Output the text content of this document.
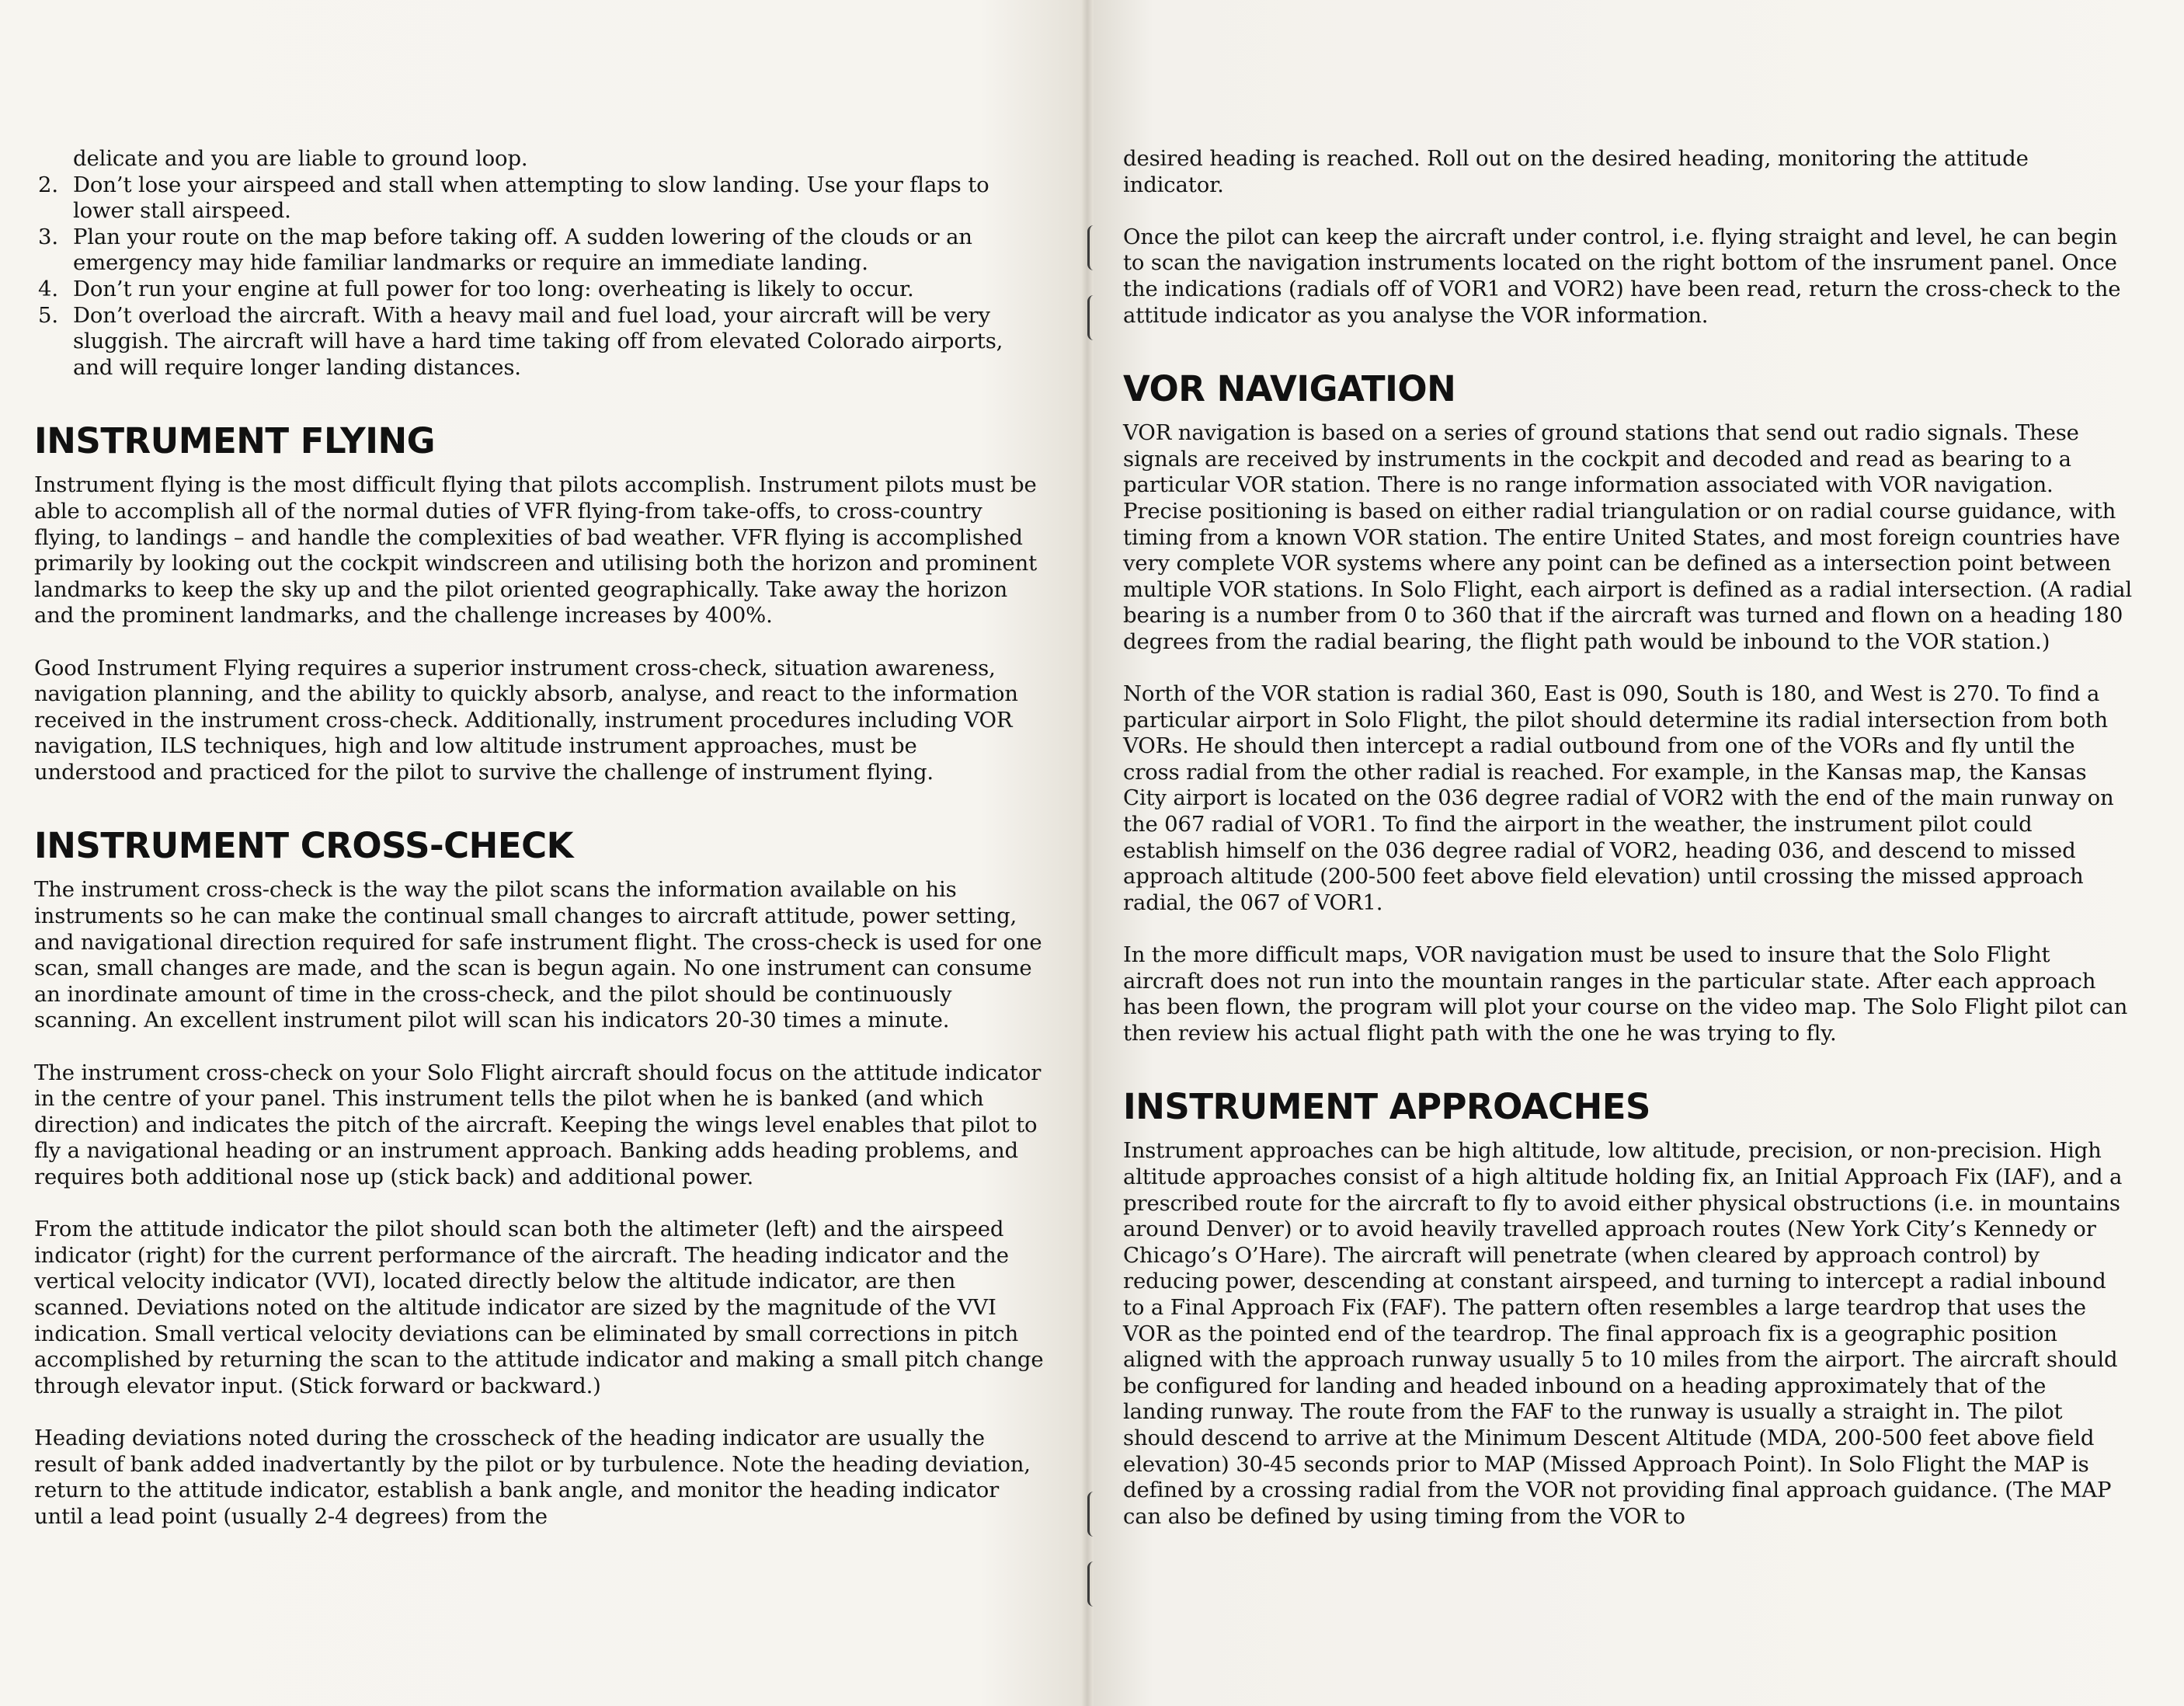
delicate and you are liable to ground loop.
2. Don’t lose your airspeed and stall when attempting to slow landing. Use your flaps to lower stall airspeed.
3. Plan your route on the map before taking off. A sudden lowering of the clouds or an emergency may hide familiar landmarks or require an immediate landing.
4. Don’t run your engine at full power for too long: overheating is likely to occur.
5. Don’t overload the aircraft. With a heavy mail and fuel load, your aircraft will be very sluggish. The aircraft will have a hard time taking off from elevated Colorado airports, and will require longer landing distances.
INSTRUMENT FLYING

Instrument flying is the most difficult flying that pilots accomplish. Instrument pilots must be able to accomplish all of the normal duties of VFR flying-from take-offs, to cross-country flying, to landings – and handle the complexities of bad weather. VFR flying is accomplished primarily by looking out the cockpit windscreen and utilising both the horizon and prominent landmarks to keep the sky up and the pilot oriented geographically. Take away the horizon and the prominent landmarks, and the challenge increases by 400%.

Good Instrument Flying requires a superior instrument cross-check, situation awareness, navigation planning, and the ability to quickly absorb, analyse, and react to the information received in the instrument cross-check. Additionally, instrument procedures including VOR navigation, ILS techniques, high and low altitude instrument approaches, must be understood and practiced for the pilot to survive the challenge of instrument flying.

INSTRUMENT CROSS-CHECK

The instrument cross-check is the way the pilot scans the information available on his instruments so he can make the continual small changes to aircraft attitude, power setting, and navigational direction required for safe instrument flight. The cross-check is used for one scan, small changes are made, and the scan is begun again. No one instrument can consume an inordinate amount of time in the cross-check, and the pilot should be continuously scanning. An excellent instrument pilot will scan his indicators 20-30 times a minute.

The instrument cross-check on your Solo Flight aircraft should focus on the attitude indicator in the centre of your panel. This instrument tells the pilot when he is banked (and which direction) and indicates the pitch of the aircraft. Keeping the wings level enables that pilot to fly a navigational heading or an instrument approach. Banking adds heading problems, and requires both additional nose up (stick back) and additional power.

From the attitude indicator the pilot should scan both the altimeter (left) and the airspeed indicator (right) for the current performance of the aircraft. The heading indicator and the vertical velocity indicator (VVI), located directly below the altitude indicator, are then scanned. Deviations noted on the altitude indicator are sized by the magnitude of the VVI indication. Small vertical velocity deviations can be eliminated by small corrections in pitch accomplished by returning the scan to the attitude indicator and making a small pitch change through elevator input. (Stick forward or backward.)

Heading deviations noted during the crosscheck of the heading indicator are usually the result of bank added inadvertantly by the pilot or by turbulence. Note the heading deviation, return to the attitude indicator, establish a bank angle, and monitor the heading indicator until a lead point (usually 2-4 degrees) from the

desired heading is reached. Roll out on the desired heading, monitoring the attitude indicator.

Once the pilot can keep the aircraft under control, i.e. flying straight and level, he can begin to scan the navigation instruments located on the right bottom of the insrument panel. Once the indications (radials off of VOR1 and VOR2) have been read, return the cross-check to the attitude indicator as you analyse the VOR information.

VOR NAVIGATION

VOR navigation is based on a series of ground stations that send out radio signals. These signals are received by instruments in the cockpit and decoded and read as bearing to a particular VOR station. There is no range information associated with VOR navigation. Precise positioning is based on either radial triangulation or on radial course guidance, with timing from a known VOR station. The entire United States, and most foreign countries have very complete VOR systems where any point can be defined as a intersection point between multiple VOR stations. In Solo Flight, each airport is defined as a radial intersection. (A radial bearing is a number from 0 to 360 that if the aircraft was turned and flown on a heading 180 degrees from the radial bearing, the flight path would be inbound to the VOR station.)

North of the VOR station is radial 360, East is 090, South is 180, and West is 270. To find a particular airport in Solo Flight, the pilot should determine its radial intersection from both VORs. He should then intercept a radial outbound from one of the VORs and fly until the cross radial from the other radial is reached. For example, in the Kansas map, the Kansas City airport is located on the 036 degree radial of VOR2 with the end of the main runway on the 067 radial of VOR1. To find the airport in the weather, the instrument pilot could establish himself on the 036 degree radial of VOR2, heading 036, and descend to missed approach altitude (200-500 feet above field elevation) until crossing the missed approach radial, the 067 of VOR1.

In the more difficult maps, VOR navigation must be used to insure that the Solo Flight aircraft does not run into the mountain ranges in the particular state. After each approach has been flown, the program will plot your course on the video map. The Solo Flight pilot can then review his actual flight path with the one he was trying to fly.

INSTRUMENT APPROACHES

Instrument approaches can be high altitude, low altitude, precision, or non-precision. High altitude approaches consist of a high altitude holding fix, an Initial Approach Fix (IAF), and a prescribed route for the aircraft to fly to avoid either physical obstructions (i.e. in mountains around Denver) or to avoid heavily travelled approach routes (New York City’s Kennedy or Chicago’s O’Hare). The aircraft will penetrate (when cleared by approach control) by reducing power, descending at constant airspeed, and turning to intercept a radial inbound to a Final Approach Fix (FAF). The pattern often resembles a large teardrop that uses the VOR as the pointed end of the teardrop. The final approach fix is a geographic position aligned with the approach runway usually 5 to 10 miles from the airport. The aircraft should be configured for landing and headed inbound on a heading approximately that of the landing runway. The route from the FAF to the runway is usually a straight in. The pilot should descend to arrive at the Minimum Descent Altitude (MDA, 200-500 feet above field elevation) 30-45 seconds prior to MAP (Missed Approach Point). In Solo Flight the MAP is defined by a crossing radial from the VOR not providing final approach guidance. (The MAP can also be defined by using timing from the VOR to
